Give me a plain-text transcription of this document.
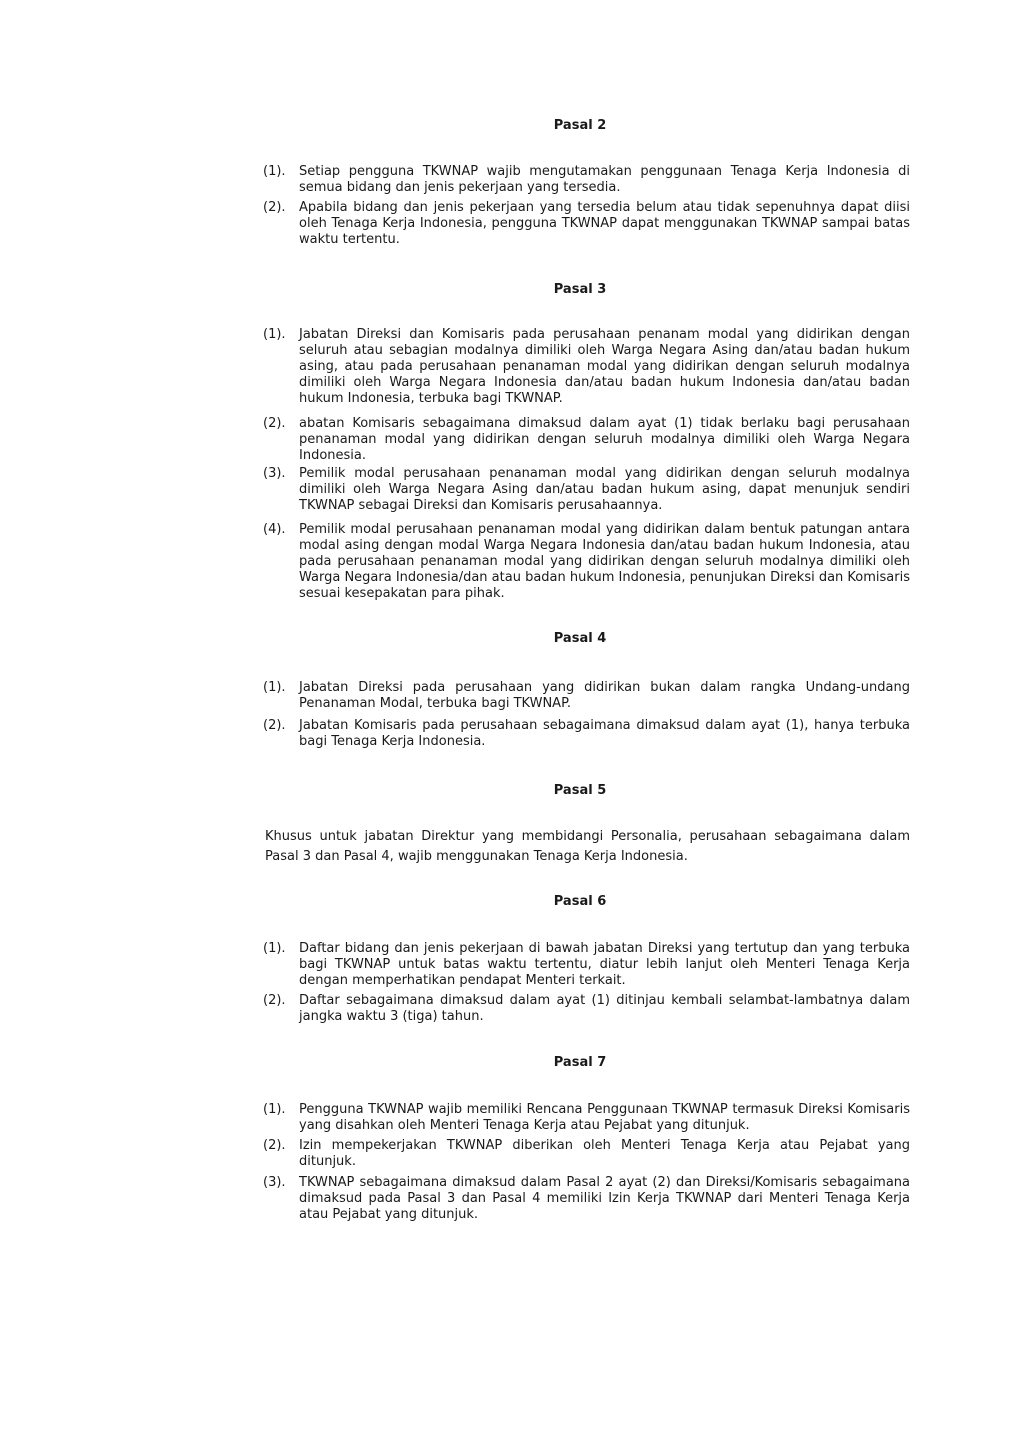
Pasal 2
(1). Setiap pengguna TKWNAP wajib mengutamakan penggunaan Tenaga Kerja Indonesia di semua bidang dan jenis pekerjaan yang tersedia.
(2). Apabila bidang dan jenis pekerjaan yang tersedia belum atau tidak sepenuhnya dapat diisi oleh Tenaga Kerja Indonesia, pengguna TKWNAP dapat menggunakan TKWNAP sampai batas waktu tertentu.
Pasal 3
(1). Jabatan Direksi dan Komisaris pada perusahaan penanam modal yang didirikan dengan seluruh atau sebagian modalnya dimiliki oleh Warga Negara Asing dan/atau badan hukum asing, atau pada perusahaan penanaman modal yang didirikan dengan seluruh modalnya dimiliki oleh Warga Negara Indonesia dan/atau badan hukum Indonesia dan/atau badan hukum Indonesia, terbuka bagi TKWNAP.
(2). abatan Komisaris sebagaimana dimaksud dalam ayat (1) tidak berlaku bagi perusahaan penanaman modal yang didirikan dengan seluruh modalnya dimiliki oleh Warga Negara Indonesia.
(3). Pemilik modal perusahaan penanaman modal yang didirikan dengan seluruh modalnya dimiliki oleh Warga Negara Asing dan/atau badan hukum asing, dapat menunjuk sendiri TKWNAP sebagai Direksi dan Komisaris perusahaannya.
(4). Pemilik modal perusahaan penanaman modal yang didirikan dalam bentuk patungan antara modal asing dengan modal Warga Negara Indonesia dan/atau badan hukum Indonesia, atau pada perusahaan penanaman modal yang didirikan dengan seluruh modalnya dimiliki oleh Warga Negara Indonesia/dan atau badan hukum Indonesia, penunjukan Direksi dan Komisaris sesuai kesepakatan para pihak.
Pasal 4
(1). Jabatan Direksi pada perusahaan yang didirikan bukan dalam rangka Undang-undang Penanaman Modal, terbuka bagi TKWNAP.
(2). Jabatan Komisaris pada perusahaan sebagaimana dimaksud dalam ayat (1), hanya terbuka bagi Tenaga Kerja Indonesia.
Pasal 5
Khusus untuk jabatan Direktur yang membidangi Personalia, perusahaan sebagaimana dalam Pasal 3 dan Pasal 4, wajib menggunakan Tenaga Kerja Indonesia.
Pasal 6
(1). Daftar bidang dan jenis pekerjaan di bawah jabatan Direksi yang tertutup dan yang terbuka bagi TKWNAP untuk batas waktu tertentu, diatur lebih lanjut oleh Menteri Tenaga Kerja dengan memperhatikan pendapat Menteri terkait.
(2). Daftar sebagaimana dimaksud dalam ayat (1) ditinjau kembali selambat-lambatnya dalam jangka waktu 3 (tiga) tahun.
Pasal 7
(1). Pengguna TKWNAP wajib memiliki Rencana Penggunaan TKWNAP termasuk Direksi Komisaris yang disahkan oleh Menteri Tenaga Kerja atau Pejabat yang ditunjuk.
(2). Izin mempekerjakan TKWNAP diberikan oleh Menteri Tenaga Kerja atau Pejabat yang ditunjuk.
(3). TKWNAP sebagaimana dimaksud dalam Pasal 2 ayat (2) dan Direksi/Komisaris sebagaimana dimaksud pada Pasal 3 dan Pasal 4 memiliki Izin Kerja TKWNAP dari Menteri Tenaga Kerja atau Pejabat yang ditunjuk.
